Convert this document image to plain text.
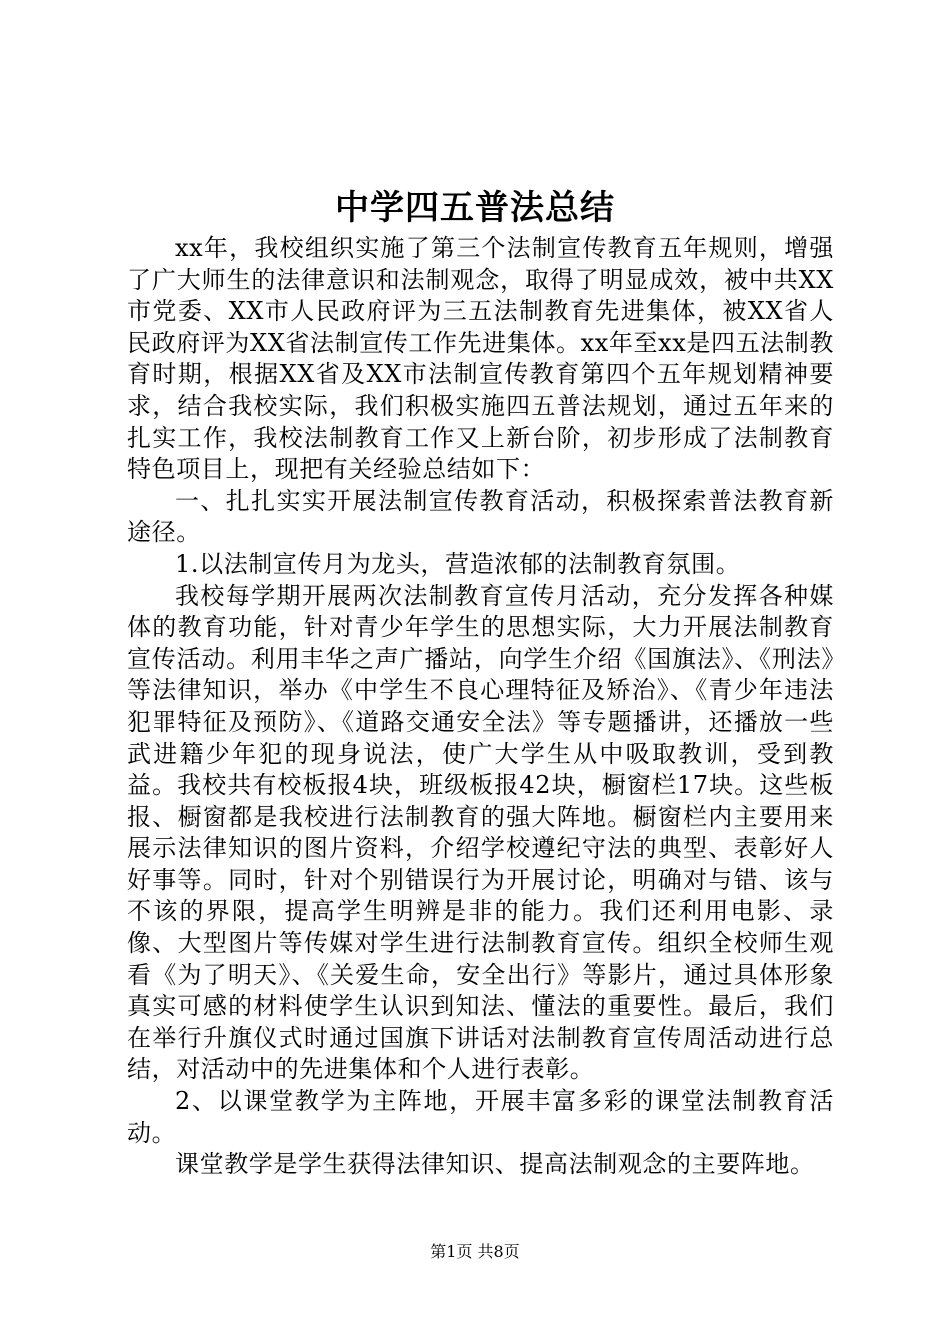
中学四五普法总结

xx年，我校组织实施了第三个法制宣传教育五年规则，增强了广大师生的法律意识和法制观念，取得了明显成效，被中共XX市党委、XX市人民政府评为三五法制教育先进集体，被XX省人民政府评为XX省法制宣传工作先进集体。xx年至xx是四五法制教育时期，根据XX省及XX市法制宣传教育第四个五年规划精神要求，结合我校实际，我们积极实施四五普法规划，通过五年来的扎实工作，我校法制教育工作又上新台阶，初步形成了法制教育特色项目上，现把有关经验总结如下：

一、扎扎实实开展法制宣传教育活动，积极探索普法教育新途径。

1.以法制宣传月为龙头，营造浓郁的法制教育氛围。

我校每学期开展两次法制教育宣传月活动，充分发挥各种媒体的教育功能，针对青少年学生的思想实际，大力开展法制教育宣传活动。利用丰华之声广播站，向学生介绍《国旗法》、《刑法》等法律知识，举办《中学生不良心理特征及矫治》、《青少年违法犯罪特征及预防》、《道路交通安全法》等专题播讲，还播放一些武进籍少年犯的现身说法，使广大学生从中吸取教训，受到教益。我校共有校板报4块，班级板报42块，橱窗栏17块。这些板报、橱窗都是我校进行法制教育的强大阵地。橱窗栏内主要用来展示法律知识的图片资料，介绍学校遵纪守法的典型、表彰好人好事等。同时，针对个别错误行为开展讨论，明确对与错、该与不该的界限，提高学生明辨是非的能力。我们还利用电影、录像、大型图片等传媒对学生进行法制教育宣传。组织全校师生观看《为了明天》、《关爱生命，安全出行》等影片，通过具体形象真实可感的材料使学生认识到知法、懂法的重要性。最后，我们在举行升旗仪式时通过国旗下讲话对法制教育宣传周活动进行总结，对活动中的先进集体和个人进行表彰。

2、以课堂教学为主阵地，开展丰富多彩的课堂法制教育活动。

课堂教学是学生获得法律知识、提高法制观念的主要阵地。

第1页 共8页
